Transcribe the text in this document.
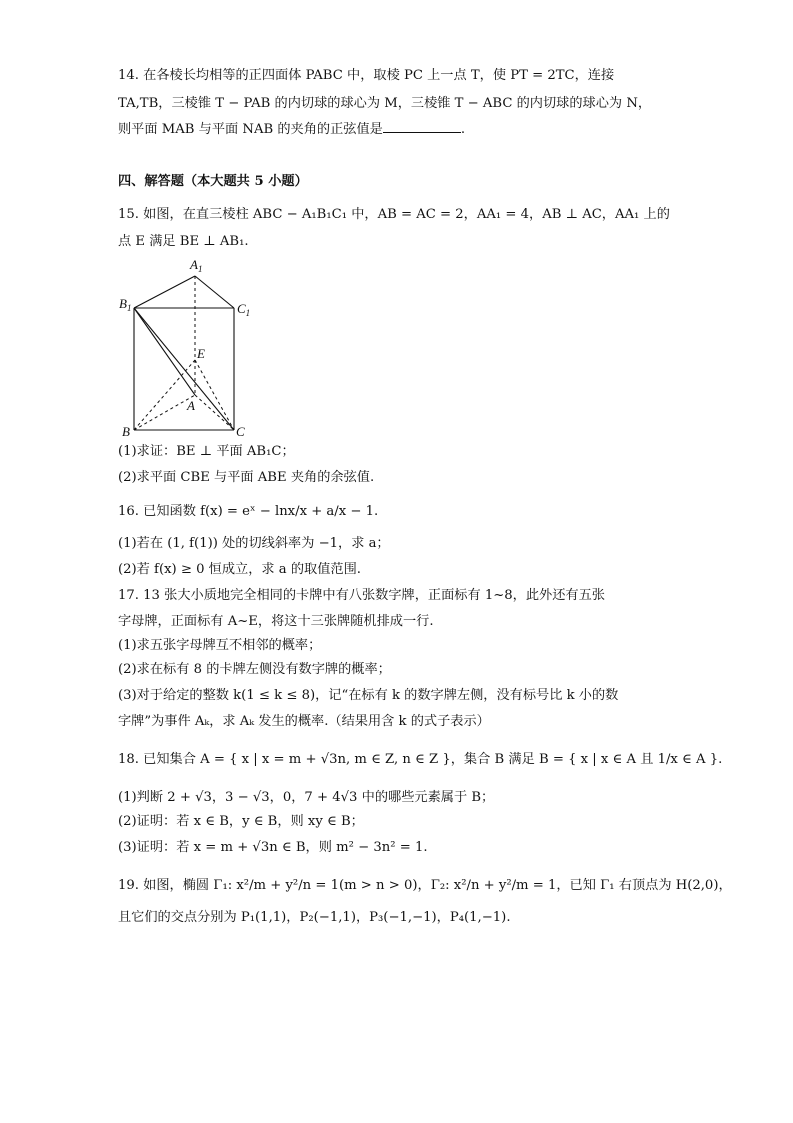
14. 在各棱长均相等的正四面体 PABC 中，取棱 PC 上一点 T，使 PT = 2TC，连接
TA,TB，三棱锥 T − PAB 的内切球的球心为 M，三棱锥 T − ABC 的内切球的球心为 N，
则平面 MAB 与平面 NAB 的夹角的正弦值是	.
四、解答题（本大题共 5 小题）
15. 如图，在直三棱柱 ABC − A₁B₁C₁ 中，AB = AC = 2，AA₁ = 4，AB ⊥ AC，AA₁ 上的
点 E 满足 BE ⊥ AB₁.
$A_1$
$B_1$	$C_1$
E
A
B	C
(1)求证：BE ⊥ 平面 AB₁C；
(2)求平面 CBE 与平面 ABE 夹角的余弦值.
16. 已知函数 f(x) = eˣ − lnx/x + a/x − 1.
(1)若在 (1, f(1)) 处的切线斜率为 −1，求 a；
(2)若 f(x) ≥ 0 恒成立，求 a 的取值范围.
17. 13 张大小质地完全相同的卡牌中有八张数字牌，正面标有 1~8，此外还有五张
字母牌，正面标有 A~E，将这十三张牌随机排成一行.
(1)求五张字母牌互不相邻的概率；
(2)求在标有 8 的卡牌左侧没有数字牌的概率；
(3)对于给定的整数 k(1 ≤ k ≤ 8)，记“在标有 k 的数字牌左侧，没有标号比 k 小的数
字牌”为事件 Aₖ，求 Aₖ 发生的概率.（结果用含 k 的式子表示）
18. 已知集合 A = { x | x = m + √3n, m ∈ Z, n ∈ Z }，集合 B 满足 B = { x | x ∈ A 且 1/x ∈ A }.
(1)判断 2 + √3，3 − √3，0，7 + 4√3 中的哪些元素属于 B；
(2)证明：若 x ∈ B，y ∈ B，则 xy ∈ B；
(3)证明：若 x = m + √3n ∈ B，则 m² − 3n² = 1.
19. 如图，椭圆 Γ₁: x²/m + y²/n = 1(m > n > 0)，Γ₂: x²/n + y²/m = 1，已知 Γ₁ 右顶点为 H(2,0)，
且它们的交点分别为 P₁(1,1)，P₂(−1,1)，P₃(−1,−1)，P₄(1,−1).
